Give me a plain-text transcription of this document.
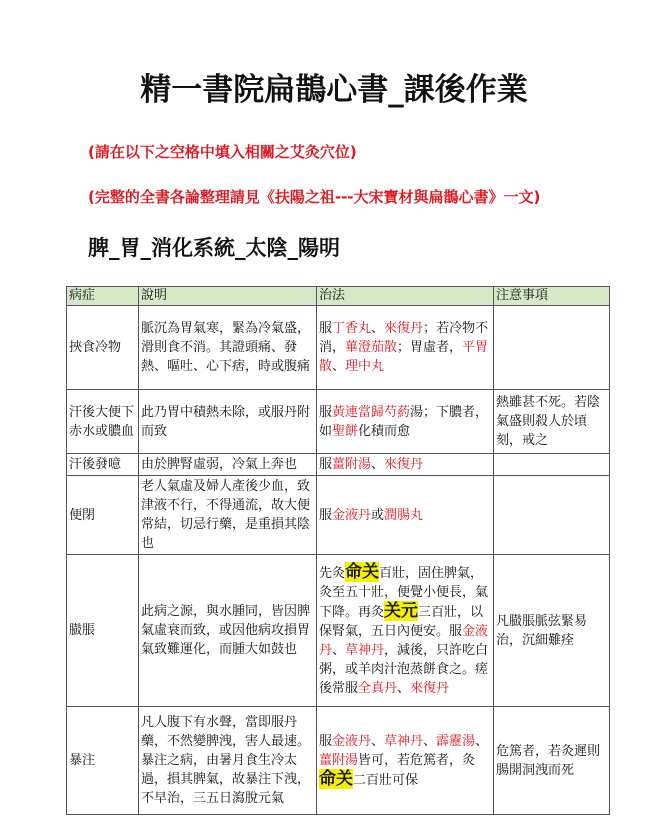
精一書院扁鵲心書_課後作業

(請在以下之空格中填入相關之艾灸穴位)

(完整的全書各論整理請見《扶陽之祖---大宋寶材與扁鵲心書》一文)

脾_胃_消化系統_太陰_陽明
病症	說明	治法	注意事項
挾食冷物	脈沉為胃氣寒，緊為冷氣盛，滑則食不消。其證頭痛、發熱、嘔吐、心下痞，時或腹痛	服丁香丸、來復丹；若冷物不消，蓽澄茄散；胃虛者，平胃散、理中丸	
汗後大便下赤水或膿血	此乃胃中積熱未除，或服丹附而致	服黃連當歸芍葯湯；下膿者，如聖餅化積而愈	熱雖甚不死。若陰氣盛則殺人於頃刻，戒之
汗後發噫	由於脾腎虛弱，冷氣上奔也	服薑附湯、來復丹	
便閉	老人氣虛及婦人產後少血，致津液不行，不得通流，故大便常結，切忌行藥，是重損其陰也	服金液丹或潤腸丸	
臌脹	此病之源，與水腫同，皆因脾氣虛衰而致，或因他病攻損胃氣致難運化，而腫大如鼓也	先灸命关百壯，固住脾氣，灸至五十壯，便覺小便長，氣下降。再灸关元三百壯，以保腎氣，五日內便安。服金液丹、草神丹，減後，只許吃白粥，或羊肉汁泡蒸餅食之。瘥後常服全真丹、來復丹	凡臌脹脈弦緊易治，沉細難痊
暴注	凡人腹下有水聲，當即服丹藥，不然變脾洩，害人最速。暴注之病，由暑月食生冷太過，損其脾氣，故暴注下洩，不早治，三五日瀉脫元氣	服金液丹、草神丹、霹靂湯、薑附湯皆可，若危篤者，灸命关二百壯可保	危篤者，若灸遲則腸開洞洩而死
